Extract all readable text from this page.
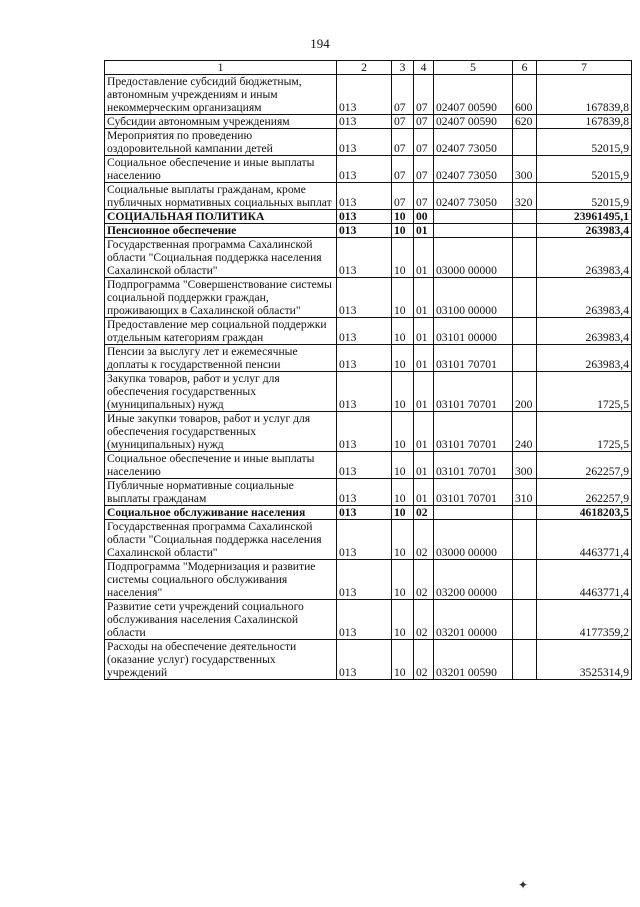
194
1	2	3	4	5	6	7
Предоставление субсидий бюджетным, автономным учреждениям и иным некоммерческим организациям	013	07	07	02407 00590	600	167839,8
Субсидии автономным учреждениям	013	07	07	02407 00590	620	167839,8
Мероприятия по проведению оздоровительной кампании детей	013	07	07	02407 73050		52015,9
Социальное обеспечение и иные выплаты населению	013	07	07	02407 73050	300	52015,9
Социальные выплаты гражданам, кроме публичных нормативных социальных выплат	013	07	07	02407 73050	320	52015,9
СОЦИАЛЬНАЯ ПОЛИТИКА	013	10	00			23961495,1
Пенсионное обеспечение	013	10	01			263983,4
Государственная программа Сахалинской области "Социальная поддержка населения Сахалинской области"	013	10	01	03000 00000		263983,4
Подпрограмма "Совершенствование системы социальной поддержки граждан, проживающих в Сахалинской области"	013	10	01	03100 00000		263983,4
Предоставление мер социальной поддержки отдельным категориям граждан	013	10	01	03101 00000		263983,4
Пенсии за выслугу лет и ежемесячные доплаты к государственной пенсии	013	10	01	03101 70701		263983,4
Закупка товаров, работ и услуг для обеспечения государственных (муниципальных) нужд	013	10	01	03101 70701	200	1725,5
Иные закупки товаров, работ и услуг для обеспечения государственных (муниципальных) нужд	013	10	01	03101 70701	240	1725,5
Социальное обеспечение и иные выплаты населению	013	10	01	03101 70701	300	262257,9
Публичные нормативные социальные выплаты гражданам	013	10	01	03101 70701	310	262257,9
Социальное обслуживание населения	013	10	02			4618203,5
Государственная программа Сахалинской области "Социальная поддержка населения Сахалинской области"	013	10	02	03000 00000		4463771,4
Подпрограмма "Модернизация и развитие системы социального обслуживания населения"	013	10	02	03200 00000		4463771,4
Развитие сети учреждений социального обслуживания населения Сахалинской области	013	10	02	03201 00000		4177359,2
Расходы на обеспечение деятельности (оказание услуг) государственных учреждений	013	10	02	03201 00590		3525314,9
✦
